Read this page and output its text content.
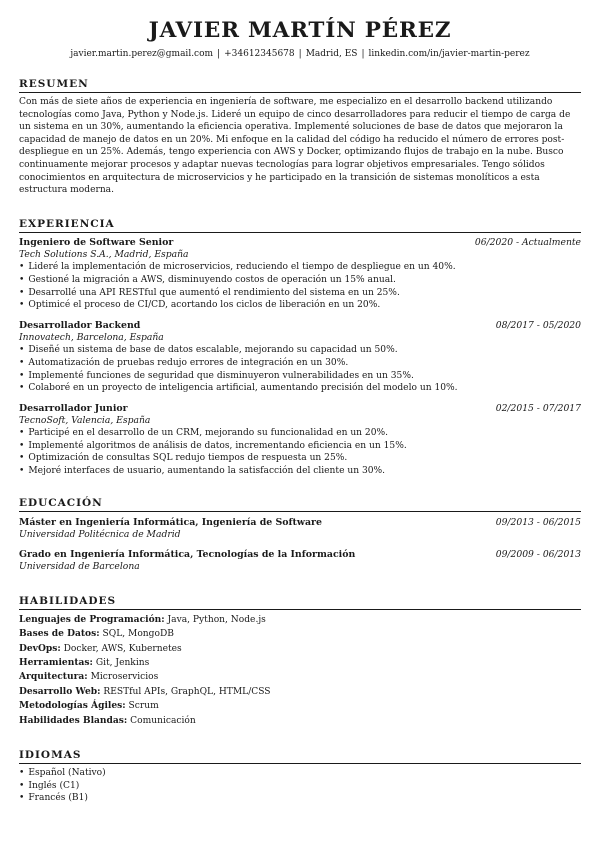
JAVIER MARTÍN PÉREZ
javier.martin.perez@gmail.com | +34612345678 | Madrid, ES | linkedin.com/in/javier-martin-perez
RESUMEN

Con más de siete años de experiencia en ingeniería de software, me especializo en el desarrollo backend utilizando tecnologías como Java, Python y Node.js. Lideré un equipo de cinco desarrolladores para reducir el tiempo de carga de un sistema en un 30%, aumentando la eficiencia operativa. Implementé soluciones de base de datos que mejoraron la capacidad de manejo de datos en un 20%. Mi enfoque en la calidad del código ha reducido el número de errores post-despliegue en un 25%. Además, tengo experiencia con AWS y Docker, optimizando flujos de trabajo en la nube. Busco continuamente mejorar procesos y adaptar nuevas tecnologías para lograr objetivos empresariales. Tengo sólidos conocimientos en arquitectura de microservicios y he participado en la transición de sistemas monolíticos a esta estructura moderna.

EXPERIENCIA
Ingeniero de Software Senior	06/2020 - Actualmente
Tech Solutions S.A., Madrid, España
• Lideré la implementación de microservicios, reduciendo el tiempo de despliegue en un 40%.
• Gestioné la migración a AWS, disminuyendo costos de operación un 15% anual.
• Desarrollé una API RESTful que aumentó el rendimiento del sistema en un 25%.
• Optimicé el proceso de CI/CD, acortando los ciclos de liberación en un 20%.
Desarrollador Backend	08/2017 - 05/2020
Innovatech, Barcelona, España
• Diseñé un sistema de base de datos escalable, mejorando su capacidad un 50%.
• Automatización de pruebas redujo errores de integración en un 30%.
• Implementé funciones de seguridad que disminuyeron vulnerabilidades en un 35%.
• Colaboré en un proyecto de inteligencia artificial, aumentando precisión del modelo un 10%.
Desarrollador Junior	02/2015 - 07/2017
TecnoSoft, Valencia, España
• Participé en el desarrollo de un CRM, mejorando su funcionalidad en un 20%.
• Implementé algoritmos de análisis de datos, incrementando eficiencia en un 15%.
• Optimización de consultas SQL redujo tiempos de respuesta un 25%.
• Mejoré interfaces de usuario, aumentando la satisfacción del cliente un 30%.
EDUCACIÓN
Máster en Ingeniería Informática, Ingeniería de Software	09/2013 - 06/2015
Universidad Politécnica de Madrid
Grado en Ingeniería Informática, Tecnologías de la Información	09/2009 - 06/2013
Universidad de Barcelona
HABILIDADES
Lenguajes de Programación: Java, Python, Node.js
Bases de Datos: SQL, MongoDB
DevOps: Docker, AWS, Kubernetes
Herramientas: Git, Jenkins
Arquitectura: Microservicios
Desarrollo Web: RESTful APIs, GraphQL, HTML/CSS
Metodologías Ágiles: Scrum
Habilidades Blandas: Comunicación
IDIOMAS
• Español (Nativo)
• Inglés (C1)
• Francés (B1)
